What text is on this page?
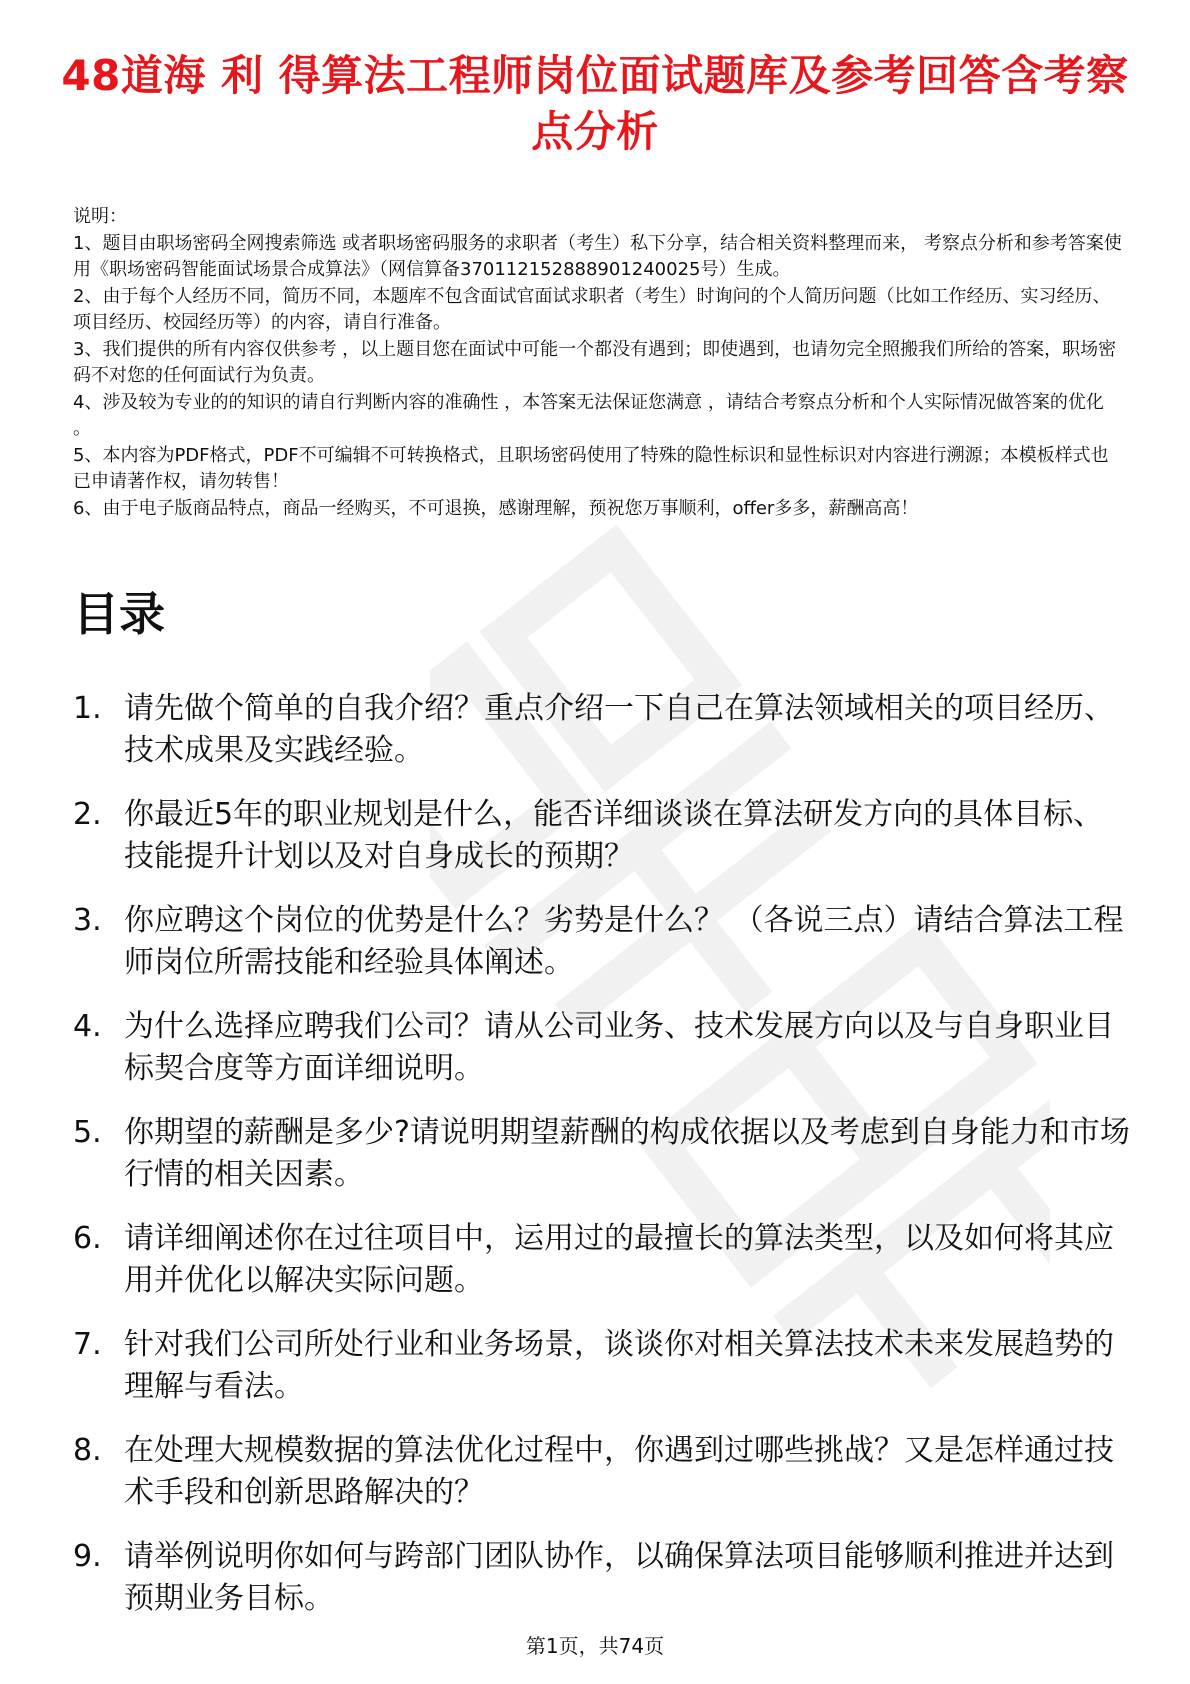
48道海 利 得算法工程师岗位面试题库及参考回答含考察点分析

说明：

1、题目由职场密码全网搜索筛选 或者职场密码服务的求职者（考生）私下分享，结合相关资料整理而来， 考察点分析和参考答案使用《职场密码智能面试场景合成算法》（网信算备370112152888901240025号）生成。

2、由于每个人经历不同，简历不同，本题库不包含面试官面试求职者（考生）时询问的个人简历问题（比如工作经历、实习经历、项目经历、校园经历等）的内容，请自行准备。

3、我们提供的所有内容仅供参考 ，以上题目您在面试中可能一个都没有遇到；即使遇到，也请勿完全照搬我们所给的答案，职场密码不对您的任何面试行为负责。

4、涉及较为专业的的知识的请自行判断内容的准确性 ，本答案无法保证您满意 ，请结合考察点分析和个人实际情况做答案的优化 。

5、本内容为PDF格式，PDF不可编辑不可转换格式，且职场密码使用了特殊的隐性标识和显性标识对内容进行溯源；本模板样式也已申请著作权，请勿转售！

6、由于电子版商品特点，商品一经购买，不可退换，感谢理解，预祝您万事顺利，offer多多，薪酬高高！

目录
1. 请先做个简单的自我介绍？重点介绍一下自己在算法领域相关的项目经历、技术成果及实践经验。
2. 你最近5年的职业规划是什么，能否详细谈谈在算法研发方向的具体目标、技能提升计划以及对自身成长的预期？
3. 你应聘这个岗位的优势是什么？劣势是什么？ （各说三点）请结合算法工程师岗位所需技能和经验具体阐述。
4. 为什么选择应聘我们公司？请从公司业务、技术发展方向以及与自身职业目标契合度等方面详细说明。
5. 你期望的薪酬是多少?请说明期望薪酬的构成依据以及考虑到自身能力和市场行情的相关因素。
6. 请详细阐述你在过往项目中，运用过的最擅长的算法类型，以及如何将其应用并优化以解决实际问题。
7. 针对我们公司所处行业和业务场景，谈谈你对相关算法技术未来发展趋势的理解与看法。
8. 在处理大规模数据的算法优化过程中，你遇到过哪些挑战？又是怎样通过技术手段和创新思路解决的？
9. 请举例说明你如何与跨部门团队协作，以确保算法项目能够顺利推进并达到预期业务目标。
第1页，共74页
